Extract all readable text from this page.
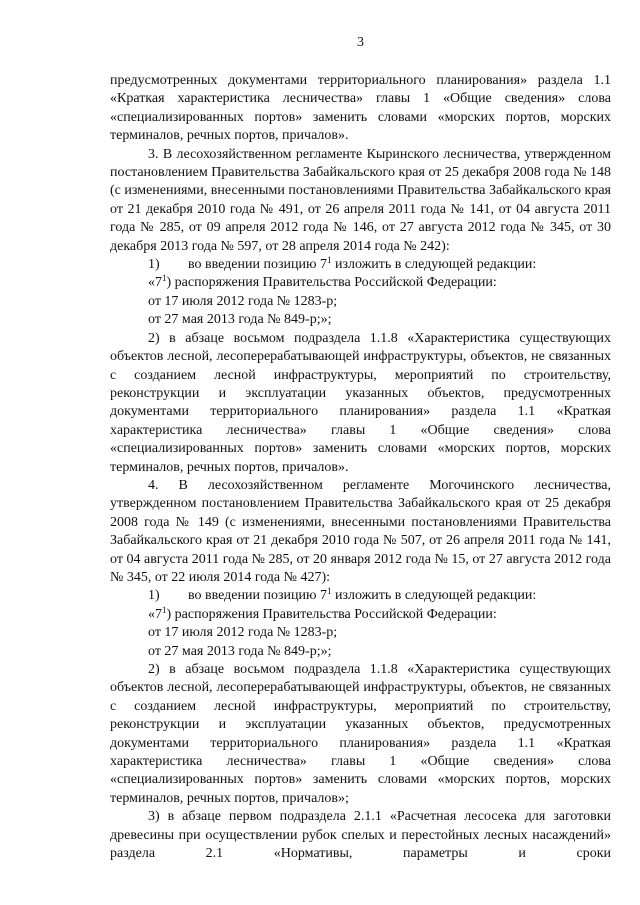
3

предусмотренных документами территориального планирования» раздела 1.1 «Краткая характеристика лесничества» главы 1 «Общие сведения» слова «специализированных портов» заменить словами «морских портов, морских терминалов, речных портов, причалов».

3. В лесохозяйственном регламенте Кыринского лесничества, утвержденном постановлением Правительства Забайкальского края от 25 декабря 2008 года № 148 (с изменениями, внесенными постановлениями Правительства Забайкальского края от 21 декабря 2010 года № 491, от 26 апреля 2011 года № 141, от 04 августа 2011 года № 285, от 09 апреля 2012 года № 146, от 27 августа 2012 года № 345, от 30 декабря 2013 года № 597, от 28 апреля 2014 года № 242):

1)	во введении позицию $7^1$ изложить в следующей редакции:

«$7^1$) распоряжения Правительства Российской Федерации:

от 17 июля 2012 года № 1283-р;

от 27 мая 2013 года № 849-р;»;

2) в абзаце восьмом подраздела 1.1.8 «Характеристика существующих объектов лесной, лесоперерабатывающей инфраструктуры, объектов, не связанных с созданием лесной инфраструктуры, мероприятий по строительству, реконструкции и эксплуатации указанных объектов, предусмотренных документами территориального планирования» раздела 1.1 «Краткая характеристика лесничества» главы 1 «Общие сведения» слова «специализированных портов» заменить словами «морских портов, морских терминалов, речных портов, причалов».

4. В лесохозяйственном регламенте Могочинского лесничества, утвержденном постановлением Правительства Забайкальского края от 25 декабря 2008 года № 149 (с изменениями, внесенными постановлениями Правительства Забайкальского края от 21 декабря 2010 года № 507, от 26 апреля 2011 года № 141, от 04 августа 2011 года № 285, от 20 января 2012 года № 15, от 27 августа 2012 года № 345, от 22 июля 2014 года № 427):

1)	во введении позицию $7^1$ изложить в следующей редакции:

«$7^1$) распоряжения Правительства Российской Федерации:

от 17 июля 2012 года № 1283-р;

от 27 мая 2013 года № 849-р;»;

2) в абзаце восьмом подраздела 1.1.8 «Характеристика существующих объектов лесной, лесоперерабатывающей инфраструктуры, объектов, не связанных с созданием лесной инфраструктуры, мероприятий по строительству, реконструкции и эксплуатации указанных объектов, предусмотренных документами территориального планирования» раздела 1.1 «Краткая характеристика лесничества» главы 1 «Общие сведения» слова «специализированных портов» заменить словами «морских портов, морских терминалов, речных портов, причалов»;

3) в абзаце первом подраздела 2.1.1 «Расчетная лесосека для заготовки древесины при осуществлении рубок спелых и перестойных лесных насаждений» раздела 2.1 «Нормативы, параметры и сроки
